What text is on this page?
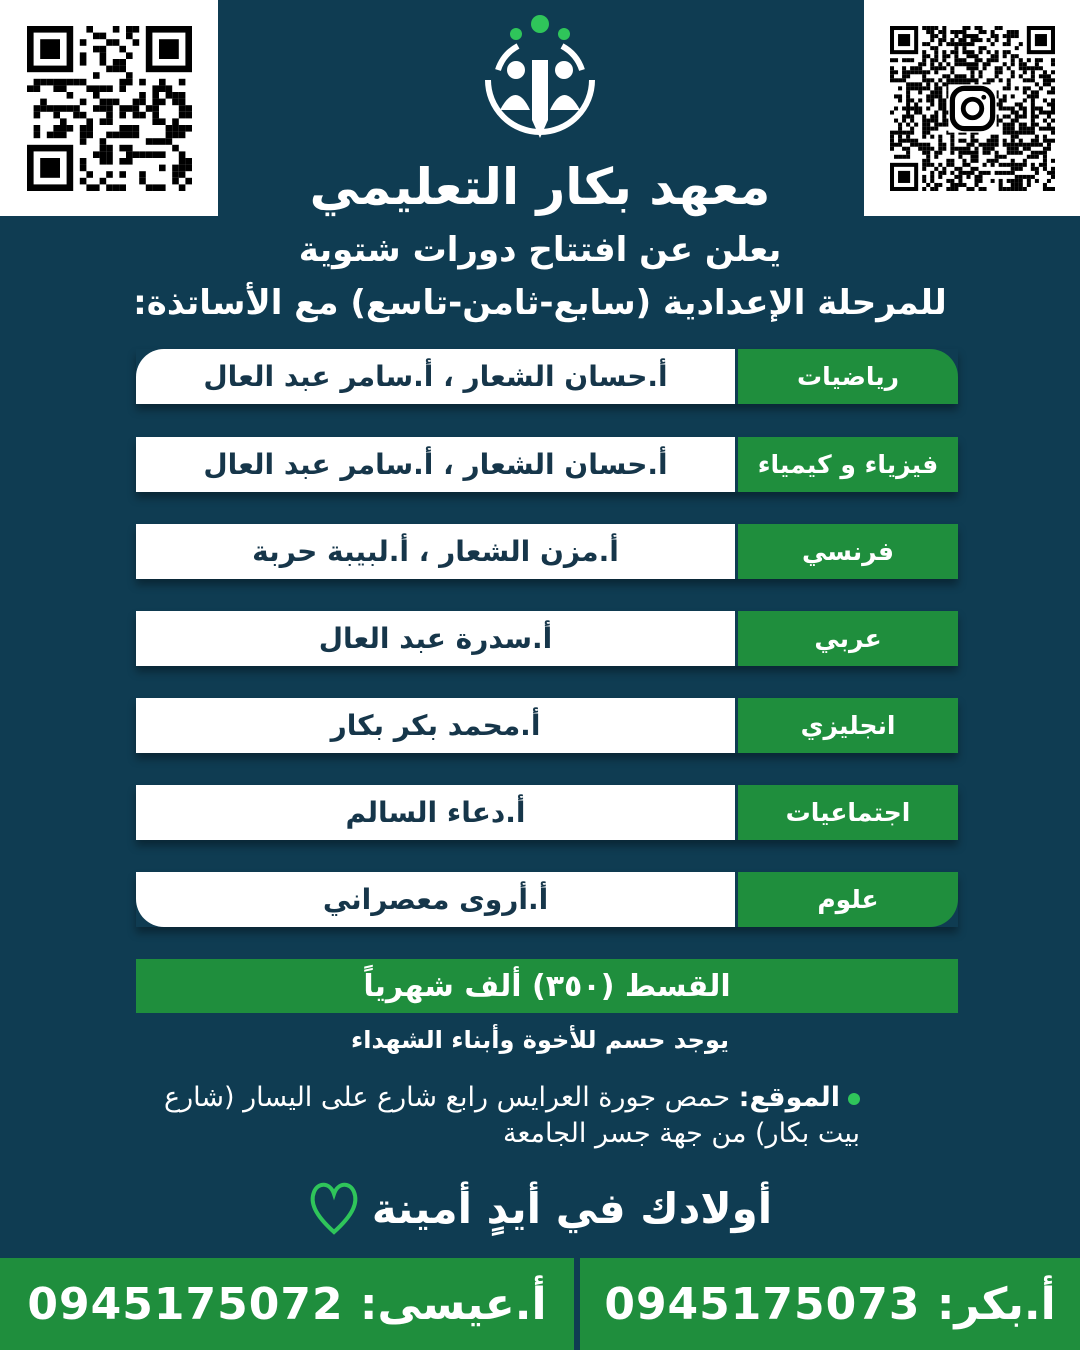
معهد بكار التعليمي
يعلن عن افتتاح دورات شتوية
للمرحلة الإعدادية (سابع-ثامن-تاسع) مع الأساتذة:
رياضيات
أ.حسان الشعار ، أ.سامر عبد العال
فيزياء و كيمياء
أ.حسان الشعار ، أ.سامر عبد العال
فرنسي
أ.مزن الشعار ، أ.لبيبة حربة
عربي
أ.سدرة عبد العال
انجليزي
أ.محمد بكر بكار
اجتماعيات
أ.دعاء السالم
علوم
أ.أروى معصراني
القسط (٣٥٠) ألف شهرياً
يوجد حسم للأخوة وأبناء الشهداء
الموقع: حمص جورة العرايس رابع شارع على اليسار (شارع بيت بكار) من جهة جسر الجامعة
أولادك في أيدٍ أمينة
أ.بكر:

0945175073
أ.عيسى:

0945175072
